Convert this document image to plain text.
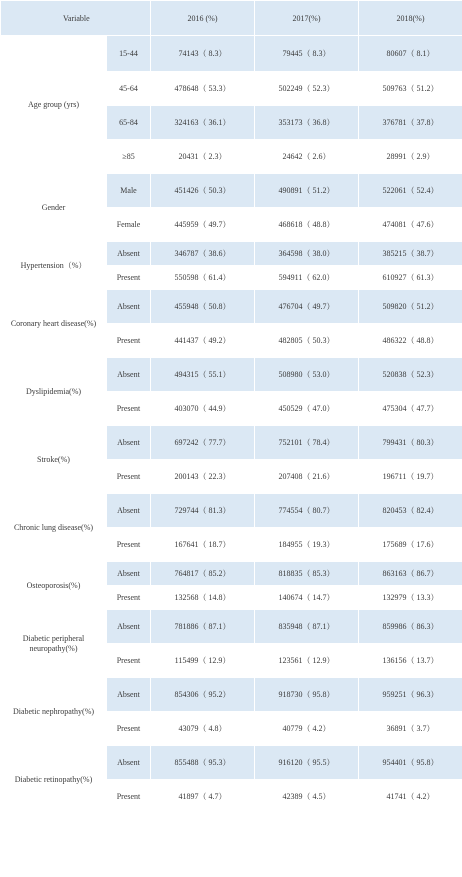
Variable		2016 (%)	2017(%)	2018(%)
Age group (yrs)	15-44	74143（ 8.3）	79445（ 8.3）	80607（ 8.1）
	45-64	478648（ 53.3）	502249（ 52.3）	509763（ 51.2）
	65-84	324163（ 36.1）	353173（ 36.8）	376781（ 37.8）
	≥85	20431（ 2.3）	24642（ 2.6）	28991（ 2.9）
Gender	Male	451426（ 50.3）	490891（ 51.2）	522061（ 52.4）
	Female	445959（ 49.7）	468618（ 48.8）	474081（ 47.6）
Hypertension（%）	Absent	346787（ 38.6）	364598（ 38.0）	385215（ 38.7）
	Present	550598（ 61.4）	594911（ 62.0）	610927（ 61.3）
Coronary heart disease(%)	Absent	455948（ 50.8）	476704（ 49.7）	509820（ 51.2）
	Present	441437（ 49.2）	482805（ 50.3）	486322（ 48.8）
Dyslipidemia(%)	Absent	494315（ 55.1）	508980（ 53.0）	520838（ 52.3）
	Present	403070（ 44.9）	450529（ 47.0）	475304（ 47.7）
Stroke(%)	Absent	697242（ 77.7）	752101（ 78.4）	799431（ 80.3）
	Present	200143（ 22.3）	207408（ 21.6）	196711（ 19.7）
Chronic lung disease(%)	Absent	729744（ 81.3）	774554（ 80.7）	820453（ 82.4）
	Present	167641（ 18.7）	184955（ 19.3）	175689（ 17.6）
Osteoporosis(%)	Absent	764817（ 85.2）	818835（ 85.3）	863163（ 86.7）
	Present	132568（ 14.8）	140674（ 14.7）	132979（ 13.3）
Diabetic peripheral neuropathy(%)	Absent	781886（ 87.1）	835948（ 87.1）	859986（ 86.3）
	Present	115499（ 12.9）	123561（ 12.9）	136156（ 13.7）
Diabetic nephropathy(%)	Absent	854306（ 95.2）	918730（ 95.8）	959251（ 96.3）
	Present	43079（ 4.8）	40779（ 4.2）	36891（ 3.7）
Diabetic retinopathy(%)	Absent	855488（ 95.3）	916120（ 95.5）	954401（ 95.8）
	Present	41897（ 4.7）	42389（ 4.5）	41741（ 4.2）
